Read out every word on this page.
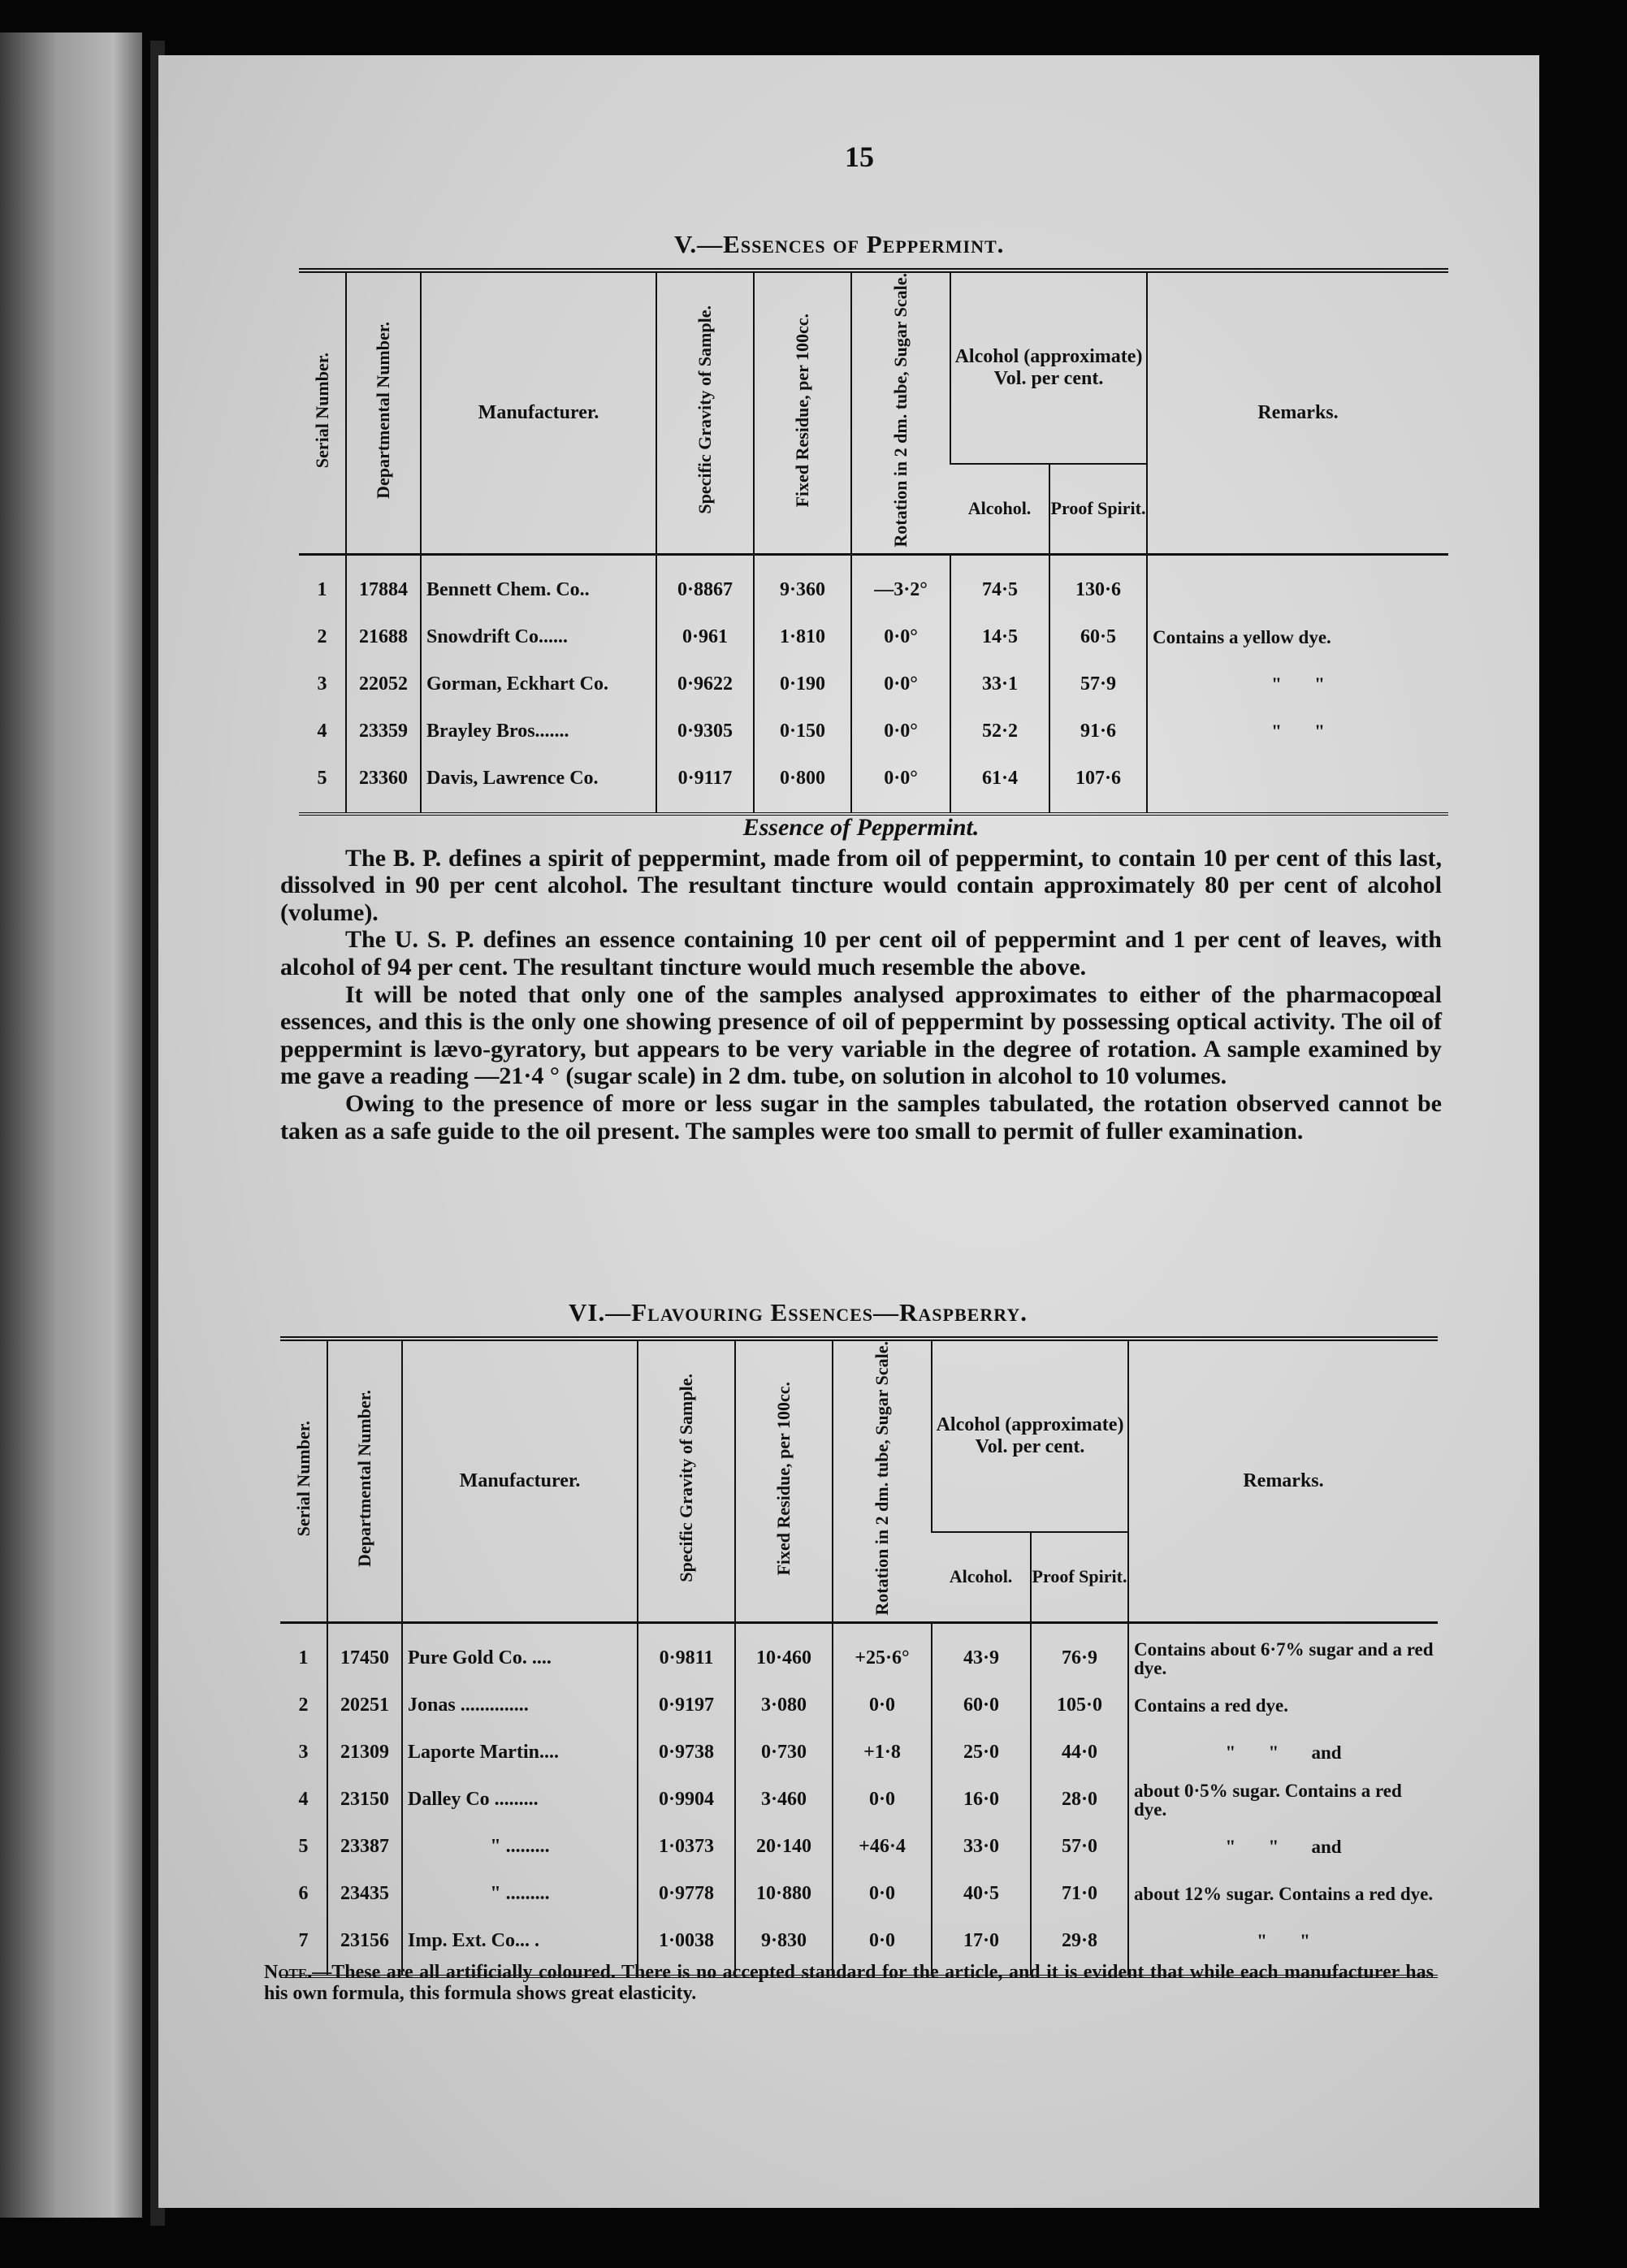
15
V.—Essences of Peppermint.
Serial Number.	Departmental Number.	Manufacturer.	Specific Gravity of Sample.	Fixed Residue, per 100cc.	Rotation in 2 dm. tube, Sugar Scale.	Alcohol (approximate) Vol. per cent.		Remarks.
						Alcohol.	Proof Spirit.	
1	17884	Bennett Chem. Co..	0·8867	9·360	—3·2°	74·5	130·6	
2	21688	Snowdrift Co......	0·961	1·810	0·0°	14·5	60·5	Contains a yellow dye.
3	22052	Gorman, Eckhart Co.	0·9622	0·190	0·0°	33·1	57·9	"       "
4	23359	Brayley Bros.......	0·9305	0·150	0·0°	52·2	91·6	"       "
5	23360	Davis, Lawrence Co.	0·9117	0·800	0·0°	61·4	107·6	

Essence of Peppermint.

The B. P. defines a spirit of peppermint, made from oil of peppermint, to contain 10 per cent of this last, dissolved in 90 per cent alcohol. The resultant tincture would contain approximately 80 per cent of alcohol (volume).

The U. S. P. defines an essence containing 10 per cent oil of peppermint and 1 per cent of leaves, with alcohol of 94 per cent. The resultant tincture would much resemble the above.

It will be noted that only one of the samples analysed approximates to either of the pharmacopœal essences, and this is the only one showing presence of oil of peppermint by possessing optical activity. The oil of peppermint is lævo-gyratory, but appears to be very variable in the degree of rotation. A sample examined by me gave a reading —21·4 ° (sugar scale) in 2 dm. tube, on solution in alcohol to 10 volumes.

Owing to the presence of more or less sugar in the samples tabulated, the rotation observed cannot be taken as a safe guide to the oil present. The samples were too small to permit of fuller examination.

VI.—Flavouring Essences—Raspberry.
Serial Number.	Departmental Number.	Manufacturer.	Specific Gravity of Sample.	Fixed Residue, per 100cc.	Rotation in 2 dm. tube, Sugar Scale.	Alcohol (approximate) Vol. per cent.		Remarks.
						Alcohol.	Proof Spirit.	
1	17450	Pure Gold Co. ....	0·9811	10·460	+25·6°	43·9	76·9	Contains about 6·7% sugar and a red dye.
2	20251	Jonas ..............	0·9197	3·080	0·0	60·0	105·0	Contains a red dye.
3	21309	Laporte Martin....	0·9738	0·730	+1·8	25·0	44·0	"       "       and
4	23150	Dalley Co .........	0·9904	3·460	0·0	16·0	28·0	about 0·5% sugar. Contains a red dye.
5	23387	" .........	1·0373	20·140	+46·4	33·0	57·0	"       "       and
6	23435	" .........	0·9778	10·880	0·0	40·5	71·0	about 12% sugar. Contains a red dye.
7	23156	Imp. Ext. Co... .	1·0038	9·830	0·0	17·0	29·8	"       "
Note.—These are all artificially coloured. There is no accepted standard for the article, and it is evident that while each manufacturer has his own formula, this formula shows great elasticity.
